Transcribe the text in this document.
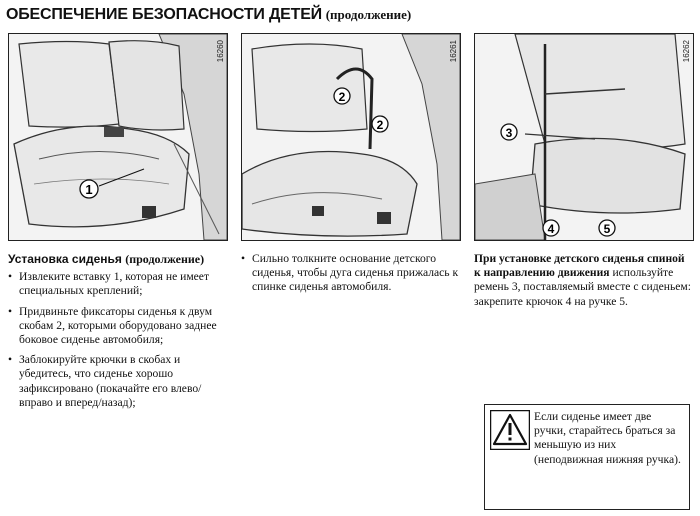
ОБЕСПЕЧЕНИЕ БЕЗОПАСНОСТИ ДЕТЕЙ (продолжение)
1
16260
2
2
16261
3
4	5
16262
Установка сиденья (продолжение)
• Извлеките вставку 1, которая не имеет специальных креплений;
• Придвиньте фиксаторы сиденья к двум скобам 2, которыми оборудовано заднее боковое сиденье автомобиля;
• Заблокируйте крючки в скобах и убедитесь, что сиденье хорошо зафиксировано (покачайте его влево/вправо и вперед/назад);
• Сильно толкните основание детского сиденья, чтобы дуга сиденья прижалась к спинке сиденья автомобиля.

При установке детского сиденья спиной к направлению движения используйте ремень 3, поставляемый вместе с сиденьем: закрепите крючок 4 на ручке 5.

Если сиденье имеет две ручки, старайтесь браться за меньшую из них (неподвижная нижняя ручка).
